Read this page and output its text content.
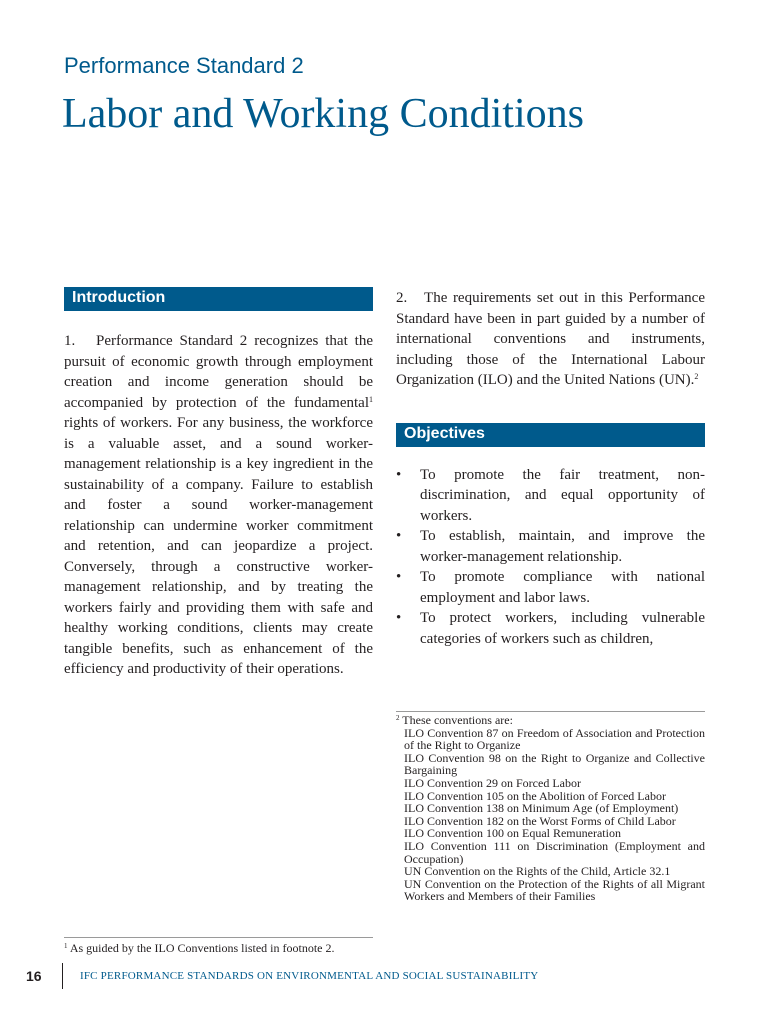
Performance Standard 2
Labor and Working Conditions
Introduction

1.   Performance Standard 2 recognizes that the pursuit of economic growth through employment creation and income generation should be accompanied by protection of the fundamental$^1$ rights of workers. For any business, the workforce is a valuable asset, and a sound worker-management relationship is a key ingredient in the sustainability of a company. Failure to establish and foster a sound worker-management relationship can undermine worker commitment and retention, and can jeopardize a project. Conversely, through a constructive worker-management relationship, and by treating the workers fairly and providing them with safe and healthy working conditions, clients may create tangible benefits, such as enhancement of the efficiency and productivity of their operations.

2.   The requirements set out in this Performance Standard have been in part guided by a number of international conventions and instruments, including those of the International Labour Organization (ILO) and the United Nations (UN).$^2$

Objectives
• To promote the fair treatment, non-discrimination, and equal opportunity of workers.
• To establish, maintain, and improve the worker-management relationship.
• To promote compliance with national employment and labor laws.
• To protect workers, including vulnerable categories of workers such as children,

$^2$ These conventions are:

ILO Convention 87 on Freedom of Association and Protection of the Right to Organize

ILO Convention 98 on the Right to Organize and Collective Bargaining

ILO Convention 29 on Forced Labor

ILO Convention 105 on the Abolition of Forced Labor

ILO Convention 138 on Minimum Age (of Employment)

ILO Convention 182 on the Worst Forms of Child Labor

ILO Convention 100 on Equal Remuneration

ILO Convention 111 on Discrimination (Employment and Occupation)

UN Convention on the Rights of the Child, Article 32.1

UN Convention on the Protection of the Rights of all Migrant Workers and Members of their Families

$^1$ As guided by the ILO Conventions listed in footnote 2.
16	IFC PERFORMANCE STANDARDS ON ENVIRONMENTAL AND SOCIAL SUSTAINABILITY
